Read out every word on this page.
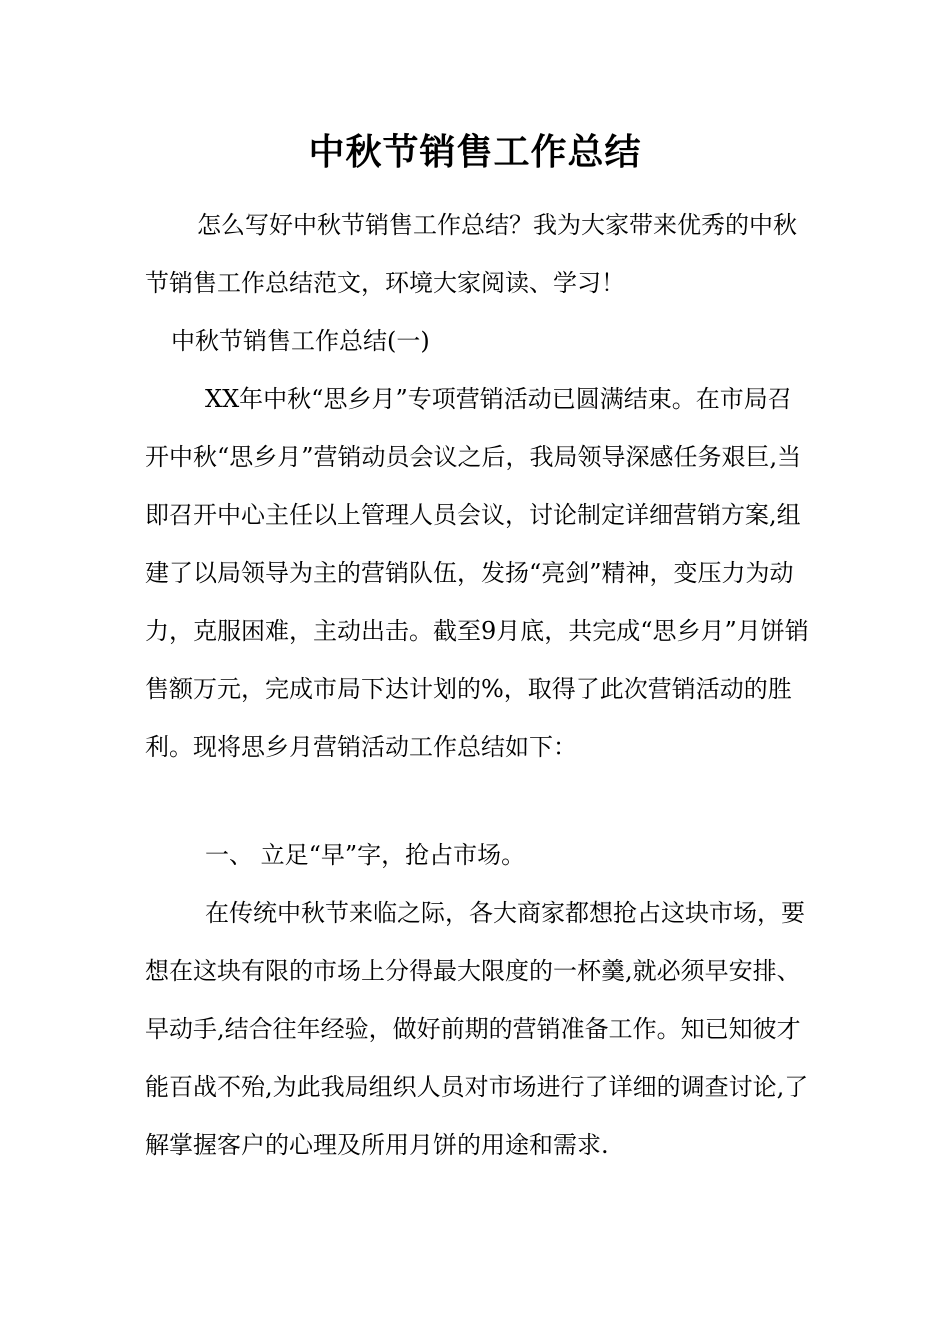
中秋节销售工作总结

怎么写好中秋节销售工作总结？我为大家带来优秀的中秋节销售工作总结范文，环境大家阅读、学习！

中秋节销售工作总结(一)

XX年中秋“思乡月”专项营销活动已圆满结束。在市局召开中秋“思乡月”营销动员会议之后，我局领导深感任务艰巨,当即召开中心主任以上管理人员会议，讨论制定详细营销方案,组建了以局领导为主的营销队伍，发扬“亮剑”精神，变压力为动力，克服困难，主动出击。截至9月底，共完成“思乡月”月饼销售额万元，完成市局下达计划的%，取得了此次营销活动的胜利。现将思乡月营销活动工作总结如下：

一、 立足“早”字，抢占市场。

在传统中秋节来临之际，各大商家都想抢占这块市场，要想在这块有限的市场上分得最大限度的一杯羹,就必须早安排、早动手,结合往年经验，做好前期的营销准备工作。知已知彼才能百战不殆,为此我局组织人员对市场进行了详细的调查讨论,了解掌握客户的心理及所用月饼的用途和需求.
